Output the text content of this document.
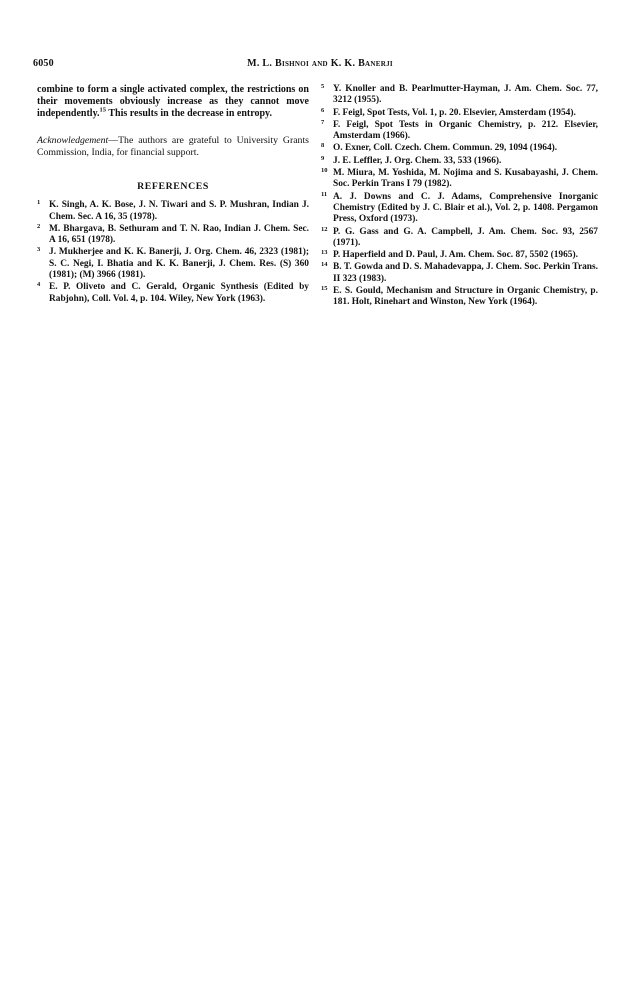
6050	M. L. Bishnoi and K. K. Banerji

combine to form a single activated complex, the restrictions on their movements obviously increase as they cannot move independently.$^{15}$ This results in the decrease in entropy.

Acknowledgement—The authors are grateful to University Grants Commission, India, for financial support.

REFERENCES
1 K. Singh, A. K. Bose, J. N. Tiwari and S. P. Mushran, Indian J. Chem. Sec. A 16, 35 (1978).
2 M. Bhargava, B. Sethuram and T. N. Rao, Indian J. Chem. Sec. A 16, 651 (1978).
3 J. Mukherjee and K. K. Banerji, J. Org. Chem. 46, 2323 (1981); S. C. Negi, I. Bhatia and K. K. Banerji, J. Chem. Res. (S) 360 (1981); (M) 3966 (1981).
4 E. P. Oliveto and C. Gerald, Organic Synthesis (Edited by Rabjohn), Coll. Vol. 4, p. 104. Wiley, New York (1963).
5 Y. Knoller and B. Pearlmutter-Hayman, J. Am. Chem. Soc. 77, 3212 (1955).
6 F. Feigl, Spot Tests, Vol. 1, p. 20. Elsevier, Amsterdam (1954).
7 F. Feigl, Spot Tests in Organic Chemistry, p. 212. Elsevier, Amsterdam (1966).
8 O. Exner, Coll. Czech. Chem. Commun. 29, 1094 (1964).
9 J. E. Leffler, J. Org. Chem. 33, 533 (1966).
10 M. Miura, M. Yoshida, M. Nojima and S. Kusabayashi, J. Chem. Soc. Perkin Trans I 79 (1982).
11 A. J. Downs and C. J. Adams, Comprehensive Inorganic Chemistry (Edited by J. C. Blair et al.), Vol. 2, p. 1408. Pergamon Press, Oxford (1973).
12 P. G. Gass and G. A. Campbell, J. Am. Chem. Soc. 93, 2567 (1971).
13 P. Haperfield and D. Paul, J. Am. Chem. Soc. 87, 5502 (1965).
14 B. T. Gowda and D. S. Mahadevappa, J. Chem. Soc. Perkin Trans. II 323 (1983).
15 E. S. Gould, Mechanism and Structure in Organic Chemistry, p. 181. Holt, Rinehart and Winston, New York (1964).
